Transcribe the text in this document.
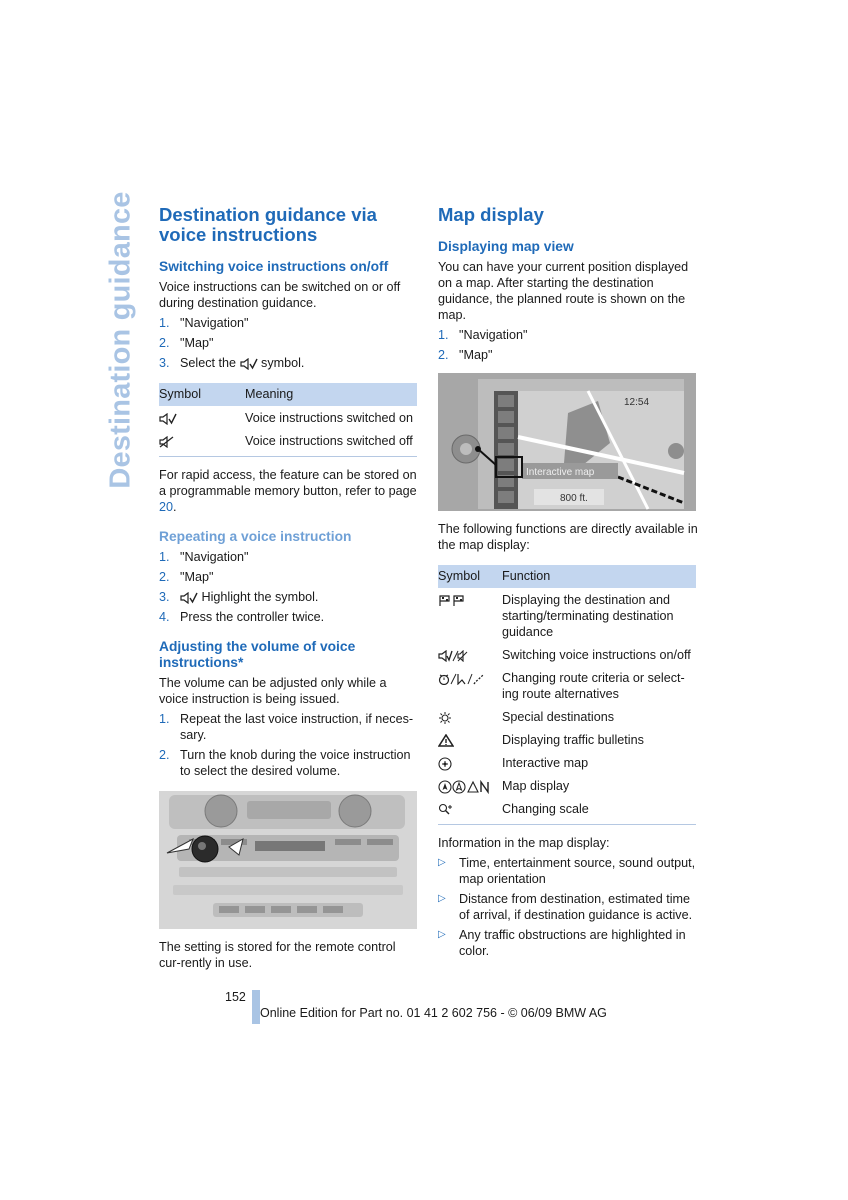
Destination guidance Destination guidance via voice instructions
Switching voice instructions on/off

Voice instructions can be switched on or off during destination guidance.

1. "Navigation"
2. "Map"
3. Select the symbol.
Symbol	Meaning
	Voice instructions switched on
	Voice instructions switched off

For rapid access, the feature can be stored on a programmable memory button, refer to page 20.

Repeating a voice instruction
1. "Navigation"
2. "Map"
3.	Highlight the symbol.
4. Press the controller twice.
Adjusting the volume of voice instructions*

The volume can be adjusted only while a voice instruction is being issued.

1. Repeat the last voice instruction, if neces-sary.
2. Turn the knob during the voice instruction to select the desired volume.

The setting is stored for the remote control cur-rently in use.

Map display
Displaying map view

You can have your current position displayed on a map. After starting the destination guidance, the planned route is shown on the map.

1. "Navigation"
2. "Map"
12:54
Interactive map
800 ft.

The following functions are directly available in the map display:

Symbol	Function
	Displaying the destination and starting/terminating destination guidance
	Switching voice instructions on/off
	Changing route criteria or select-ing route alternatives
	Special destinations
	Displaying traffic bulletins
	Interactive map
	Map display
	Changing scale

Information in the map display:

▷ Time, entertainment source, sound output, map orientation
▷ Distance from destination, estimated time of arrival, if destination guidance is active.
▷ Any traffic obstructions are highlighted in color.
152
Online Edition for Part no. 01 41 2 602 756 - © 06/09 BMW AG
